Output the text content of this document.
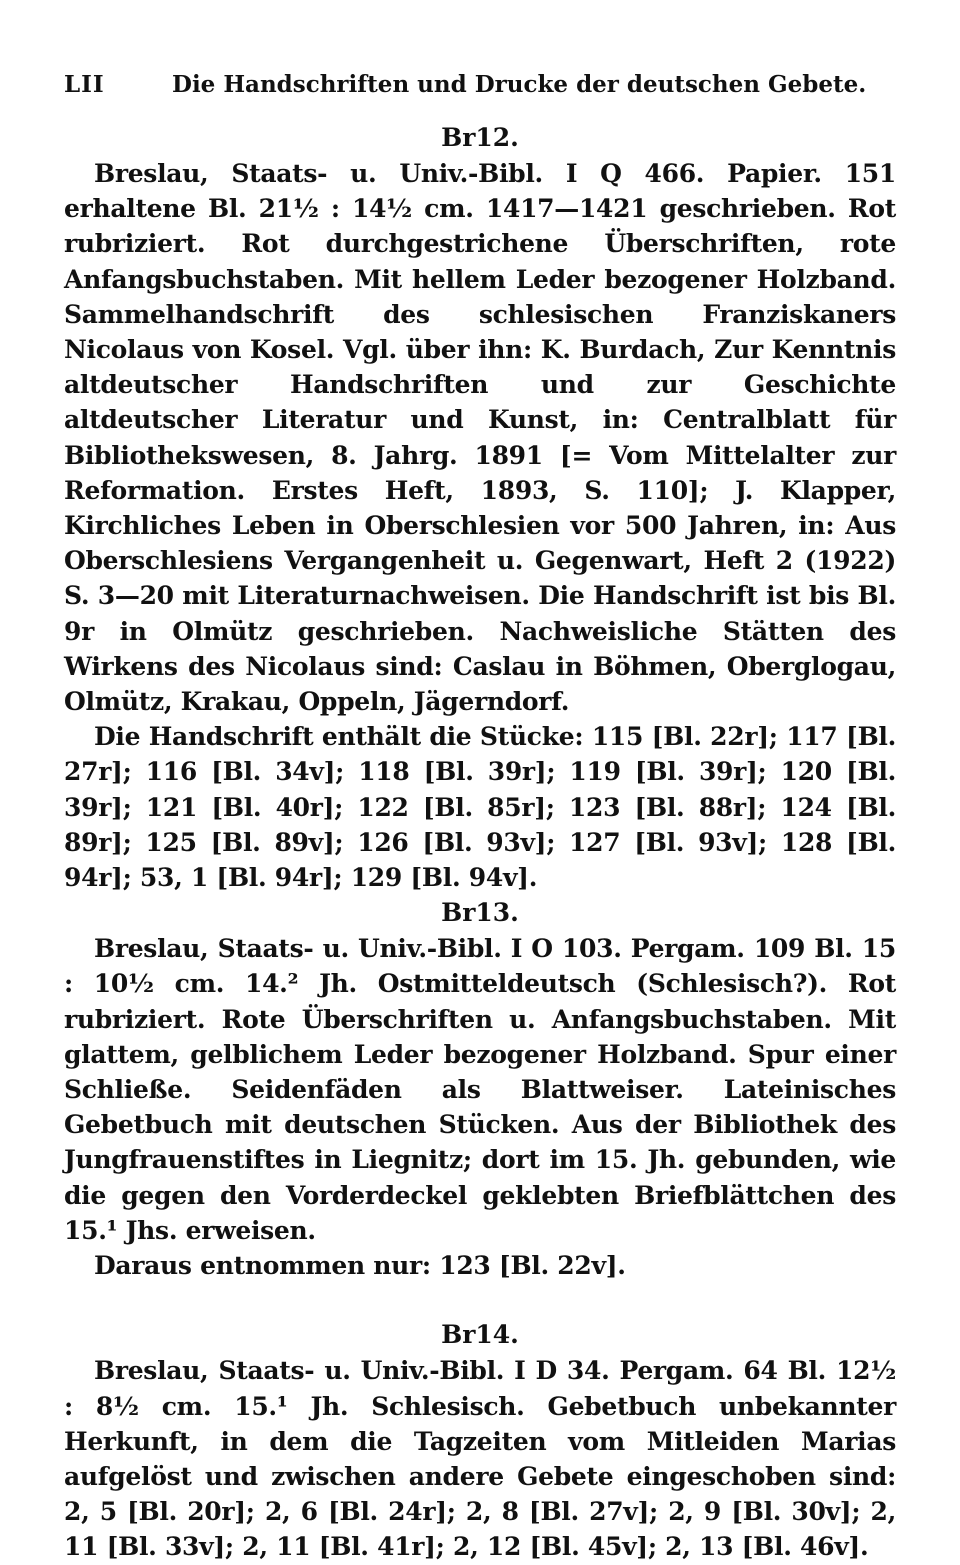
LII	Die Handschriften und Drucke der deutschen Gebete.

Br12.

Breslau, Staats- u. Univ.-Bibl. I Q 466. Papier. 151 erhaltene Bl. 21½ : 14½ cm. 1417—1421 geschrieben. Rot rubriziert. Rot durchgestrichene Überschriften, rote Anfangsbuchstaben. Mit hellem Leder bezogener Holzband. Sammelhandschrift des schlesischen Franziskaners Nicolaus von Kosel. Vgl. über ihn: K. Burdach, Zur Kenntnis altdeutscher Handschriften und zur Geschichte altdeutscher Literatur und Kunst, in: Centralblatt für Bibliothekswesen, 8. Jahrg. 1891 [= Vom Mittelalter zur Reformation. Erstes Heft, 1893, S. 110]; J. Klapper, Kirchliches Leben in Oberschlesien vor 500 Jahren, in: Aus Oberschlesiens Vergangenheit u. Gegenwart, Heft 2 (1922) S. 3—20 mit Literaturnachweisen. Die Handschrift ist bis Bl. 9r in Olmütz geschrieben. Nachweisliche Stätten des Wirkens des Nicolaus sind: Caslau in Böhmen, Oberglogau, Olmütz, Krakau, Oppeln, Jägerndorf.

Die Handschrift enthält die Stücke: 115 [Bl. 22r]; 117 [Bl. 27r]; 116 [Bl. 34v]; 118 [Bl. 39r]; 119 [Bl. 39r]; 120 [Bl. 39r]; 121 [Bl. 40r]; 122 [Bl. 85r]; 123 [Bl. 88r]; 124 [Bl. 89r]; 125 [Bl. 89v]; 126 [Bl. 93v]; 127 [Bl. 93v]; 128 [Bl. 94r]; 53, 1 [Bl. 94r]; 129 [Bl. 94v].

Br13.

Breslau, Staats- u. Univ.-Bibl. I O 103. Pergam. 109 Bl. 15 : 10½ cm. 14.² Jh. Ostmitteldeutsch (Schlesisch?). Rot rubriziert. Rote Überschriften u. Anfangsbuchstaben. Mit glattem, gelblichem Leder bezogener Holzband. Spur einer Schließe. Seidenfäden als Blattweiser. Lateinisches Gebetbuch mit deutschen Stücken. Aus der Bibliothek des Jungfrauenstiftes in Liegnitz; dort im 15. Jh. gebunden, wie die gegen den Vorderdeckel geklebten Briefblättchen des 15.¹ Jhs. erweisen.

Daraus entnommen nur: 123 [Bl. 22v].

Br14.

Breslau, Staats- u. Univ.-Bibl. I D 34. Pergam. 64 Bl. 12½ : 8½ cm. 15.¹ Jh. Schlesisch. Gebetbuch unbekannter Herkunft, in dem die Tagzeiten vom Mitleiden Marias aufgelöst und zwischen andere Gebete eingeschoben sind: 2, 5 [Bl. 20r]; 2, 6 [Bl. 24r]; 2, 8 [Bl. 27v]; 2, 9 [Bl. 30v]; 2, 11 [Bl. 33v]; 2, 11 [Bl. 41r]; 2, 12 [Bl. 45v]; 2, 13 [Bl. 46v].
